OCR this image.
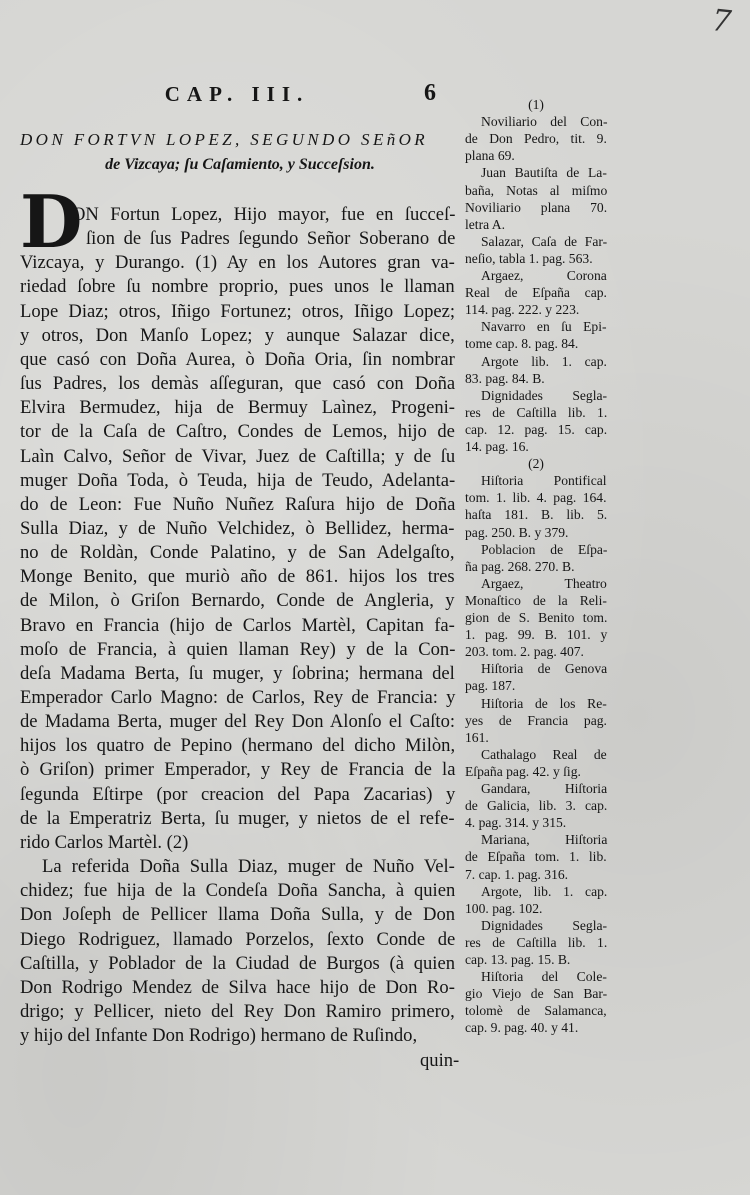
7
6
CAP. III.
DON FORTVN LOPEZ, SEGUNDO SEñOR
de Vizcaya; ſu Caſamiento, y Succeſsion.
D
ON Fortun Lopez, Hijo mayor, fue en ſucceſ-
ſion de ſus Padres ſegundo Señor Soberano de
Vizcaya, y Durango. (1) Ay en los Autores gran va-
riedad ſobre ſu nombre proprio, pues unos le llaman
Lope Diaz; otros, Iñigo Fortunez; otros, Iñigo Lopez;
y otros, Don Manſo Lopez; y aunque Salazar dice,
que casó con Doña Aurea, ò Doña Oria, ſin nombrar
ſus Padres, los demàs aſſeguran, que casó con Doña
Elvira Bermudez, hija de Bermuy Laìnez, Progeni-
tor de la Caſa de Caſtro, Condes de Lemos, hijo de
Laìn Calvo, Señor de Vivar, Juez de Caſtilla; y de ſu
muger Doña Toda, ò Teuda, hija de Teudo, Adelanta-
do de Leon: Fue Nuño Nuñez Raſura hijo de Doña
Sulla Diaz, y de Nuño Velchidez, ò Bellidez, herma-
no de Roldàn, Conde Palatino, y de San Adelgaſto,
Monge Benito, que muriò año de 861. hijos los tres
de Milon, ò Griſon Bernardo, Conde de Angleria, y
Bravo en Francia (hijo de Carlos Martèl, Capitan fa-
moſo de Francia, à quien llaman Rey) y de la Con-
deſa Madama Berta, ſu muger, y ſobrina; hermana del
Emperador Carlo Magno: de Carlos, Rey de Francia: y
de Madama Berta, muger del Rey Don Alonſo el Caſto:
hijos los quatro de Pepino (hermano del dicho Milòn,
ò Griſon) primer Emperador, y Rey de Francia de la
ſegunda Eſtirpe (por creacion del Papa Zacarias) y
de la Emperatriz Berta, ſu muger, y nietos de el refe-
rido Carlos Martèl. (2)
La referida Doña Sulla Diaz, muger de Nuño Vel-
chidez; fue hija de la Condeſa Doña Sancha, à quien
Don Joſeph de Pellicer llama Doña Sulla, y de Don
Diego Rodriguez, llamado Porzelos, ſexto Conde de
Caſtilla, y Poblador de la Ciudad de Burgos (à quien
Don Rodrigo Mendez de Silva hace hijo de Don Ro-
drigo; y Pellicer, nieto del Rey Don Ramiro primero,
y hijo del Infante Don Rodrigo) hermano de Ruſindo,
(1)
Noviliario del Con-
de Don Pedro, tit. 9.
plana 69.
Juan Bautiſta de La-
baña, Notas al miſmo
Noviliario plana 70.
letra A.
Salazar, Caſa de Far-
neſio, tabla 1. pag. 563.
Argaez, Corona
Real de Eſpaña cap.
114. pag. 222. y 223.
Navarro en ſu Epi-
tome cap. 8. pag. 84.
Argote lib. 1. cap.
83. pag. 84. B.
Dignidades Segla-
res de Caſtilla lib. 1.
cap. 12. pag. 15. cap.
14. pag. 16.
(2)
Hiſtoria Pontifical
tom. 1. lib. 4. pag. 164.
haſta 181. B. lib. 5.
pag. 250. B. y 379.
Poblacion de Eſpa-
ña pag. 268. 270. B.
Argaez, Theatro
Monaſtico de la Reli-
gion de S. Benito tom.
1. pag. 99. B. 101. y
203. tom. 2. pag. 407.
Hiſtoria de Genova
pag. 187.
Hiſtoria de los Re-
yes de Francia pag.
161.
Cathalago Real de
Eſpaña pag. 42. y ſig.
Gandara, Hiſtoria
de Galicia, lib. 3. cap.
4. pag. 314. y 315.
Mariana, Hiſtoria
de Eſpaña tom. 1. lib.
7. cap. 1. pag. 316.
Argote, lib. 1. cap.
100. pag. 102.
Dignidades Segla-
res de Caſtilla lib. 1.
cap. 13. pag. 15. B.
Hiſtoria del Cole-
gio Viejo de San Bar-
tolomè de Salamanca,
cap. 9. pag. 40. y 41.
quin-
